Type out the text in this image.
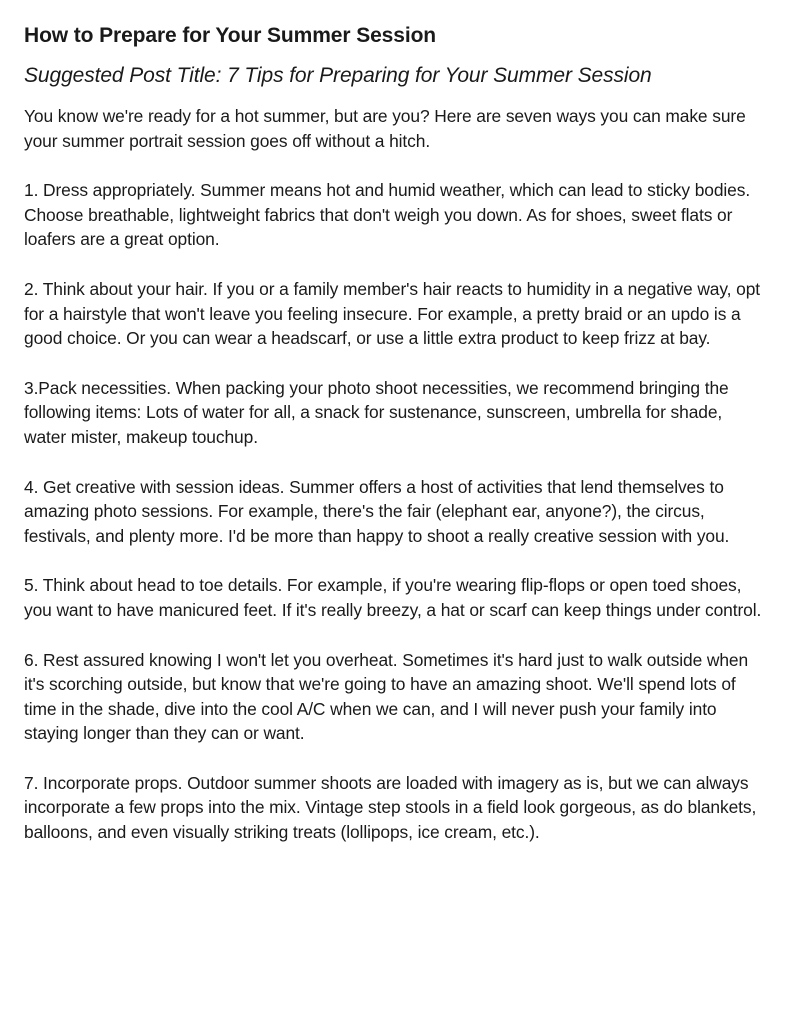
How to Prepare for Your Summer Session
Suggested Post Title: 7 Tips for Preparing for Your Summer Session

You know we're ready for a hot summer, but are you? Here are seven ways you can make sure your summer portrait session goes off without a hitch.

1. Dress appropriately. Summer means hot and humid weather, which can lead to sticky bodies. Choose breathable, lightweight fabrics that don't weigh you down. As for shoes, sweet flats or loafers are a great option.

2. Think about your hair. If you or a family member's hair reacts to humidity in a negative way, opt for a hairstyle that won't leave you feeling insecure. For example, a pretty braid or an updo is a good choice. Or you can wear a headscarf, or use a little extra product to keep frizz at bay.

3.Pack necessities. When packing your photo shoot necessities, we recommend bringing the following items: Lots of water for all, a snack for sustenance, sunscreen, umbrella for shade, water mister, makeup touchup.

4. Get creative with session ideas. Summer offers a host of activities that lend themselves to amazing photo sessions. For example, there's the fair (elephant ear, anyone?), the circus, festivals, and plenty more. I'd be more than happy to shoot a really creative session with you.

5. Think about head to toe details. For example, if you're wearing flip-flops or open toed shoes, you want to have manicured feet. If it's really breezy, a hat or scarf can keep things under control.

6. Rest assured knowing I won't let you overheat. Sometimes it's hard just to walk outside when it's scorching outside, but know that we're going to have an amazing shoot. We'll spend lots of time in the shade, dive into the cool A/C when we can, and I will never push your family into staying longer than they can or want.

7. Incorporate props. Outdoor summer shoots are loaded with imagery as is, but we can always incorporate a few props into the mix. Vintage step stools in a field look gorgeous, as do blankets, balloons, and even visually striking treats (lollipops, ice cream, etc.).
